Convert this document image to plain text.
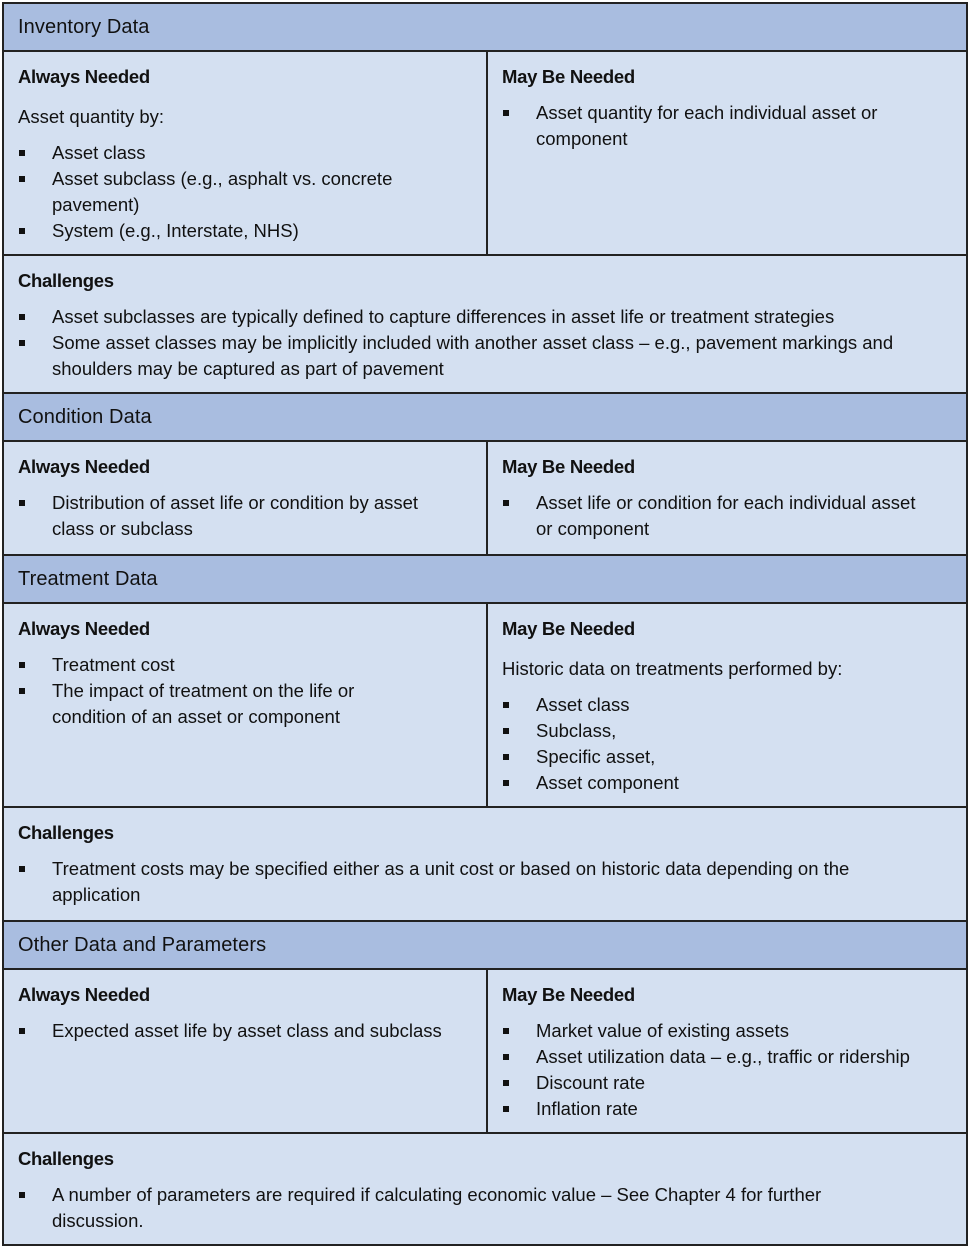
Inventory Data
Always Needed
Asset quantity by:
Asset class
Asset subclass (e.g., asphalt vs. concrete pavement)
System (e.g., Interstate, NHS)
May Be Needed
Asset quantity for each individual asset or component
Challenges
Asset subclasses are typically defined to capture differences in asset life or treatment strategies
Some asset classes may be implicitly included with another asset class – e.g., pavement markings and shoulders may be captured as part of pavement
Condition Data
Always Needed
Distribution of asset life or condition by asset class or subclass
May Be Needed
Asset life or condition for each individual asset or component
Treatment Data
Always Needed
Treatment cost
The impact of treatment on the life or condition of an asset or component
May Be Needed
Historic data on treatments performed by:
Asset class
Subclass,
Specific asset,
Asset component
Challenges
Treatment costs may be specified either as a unit cost or based on historic data depending on the application
Other Data and Parameters
Always Needed
Expected asset life by asset class and subclass
May Be Needed
Market value of existing assets
Asset utilization data – e.g., traffic or ridership
Discount rate
Inflation rate
Challenges
A number of parameters are required if calculating economic value – See Chapter 4 for further discussion.
